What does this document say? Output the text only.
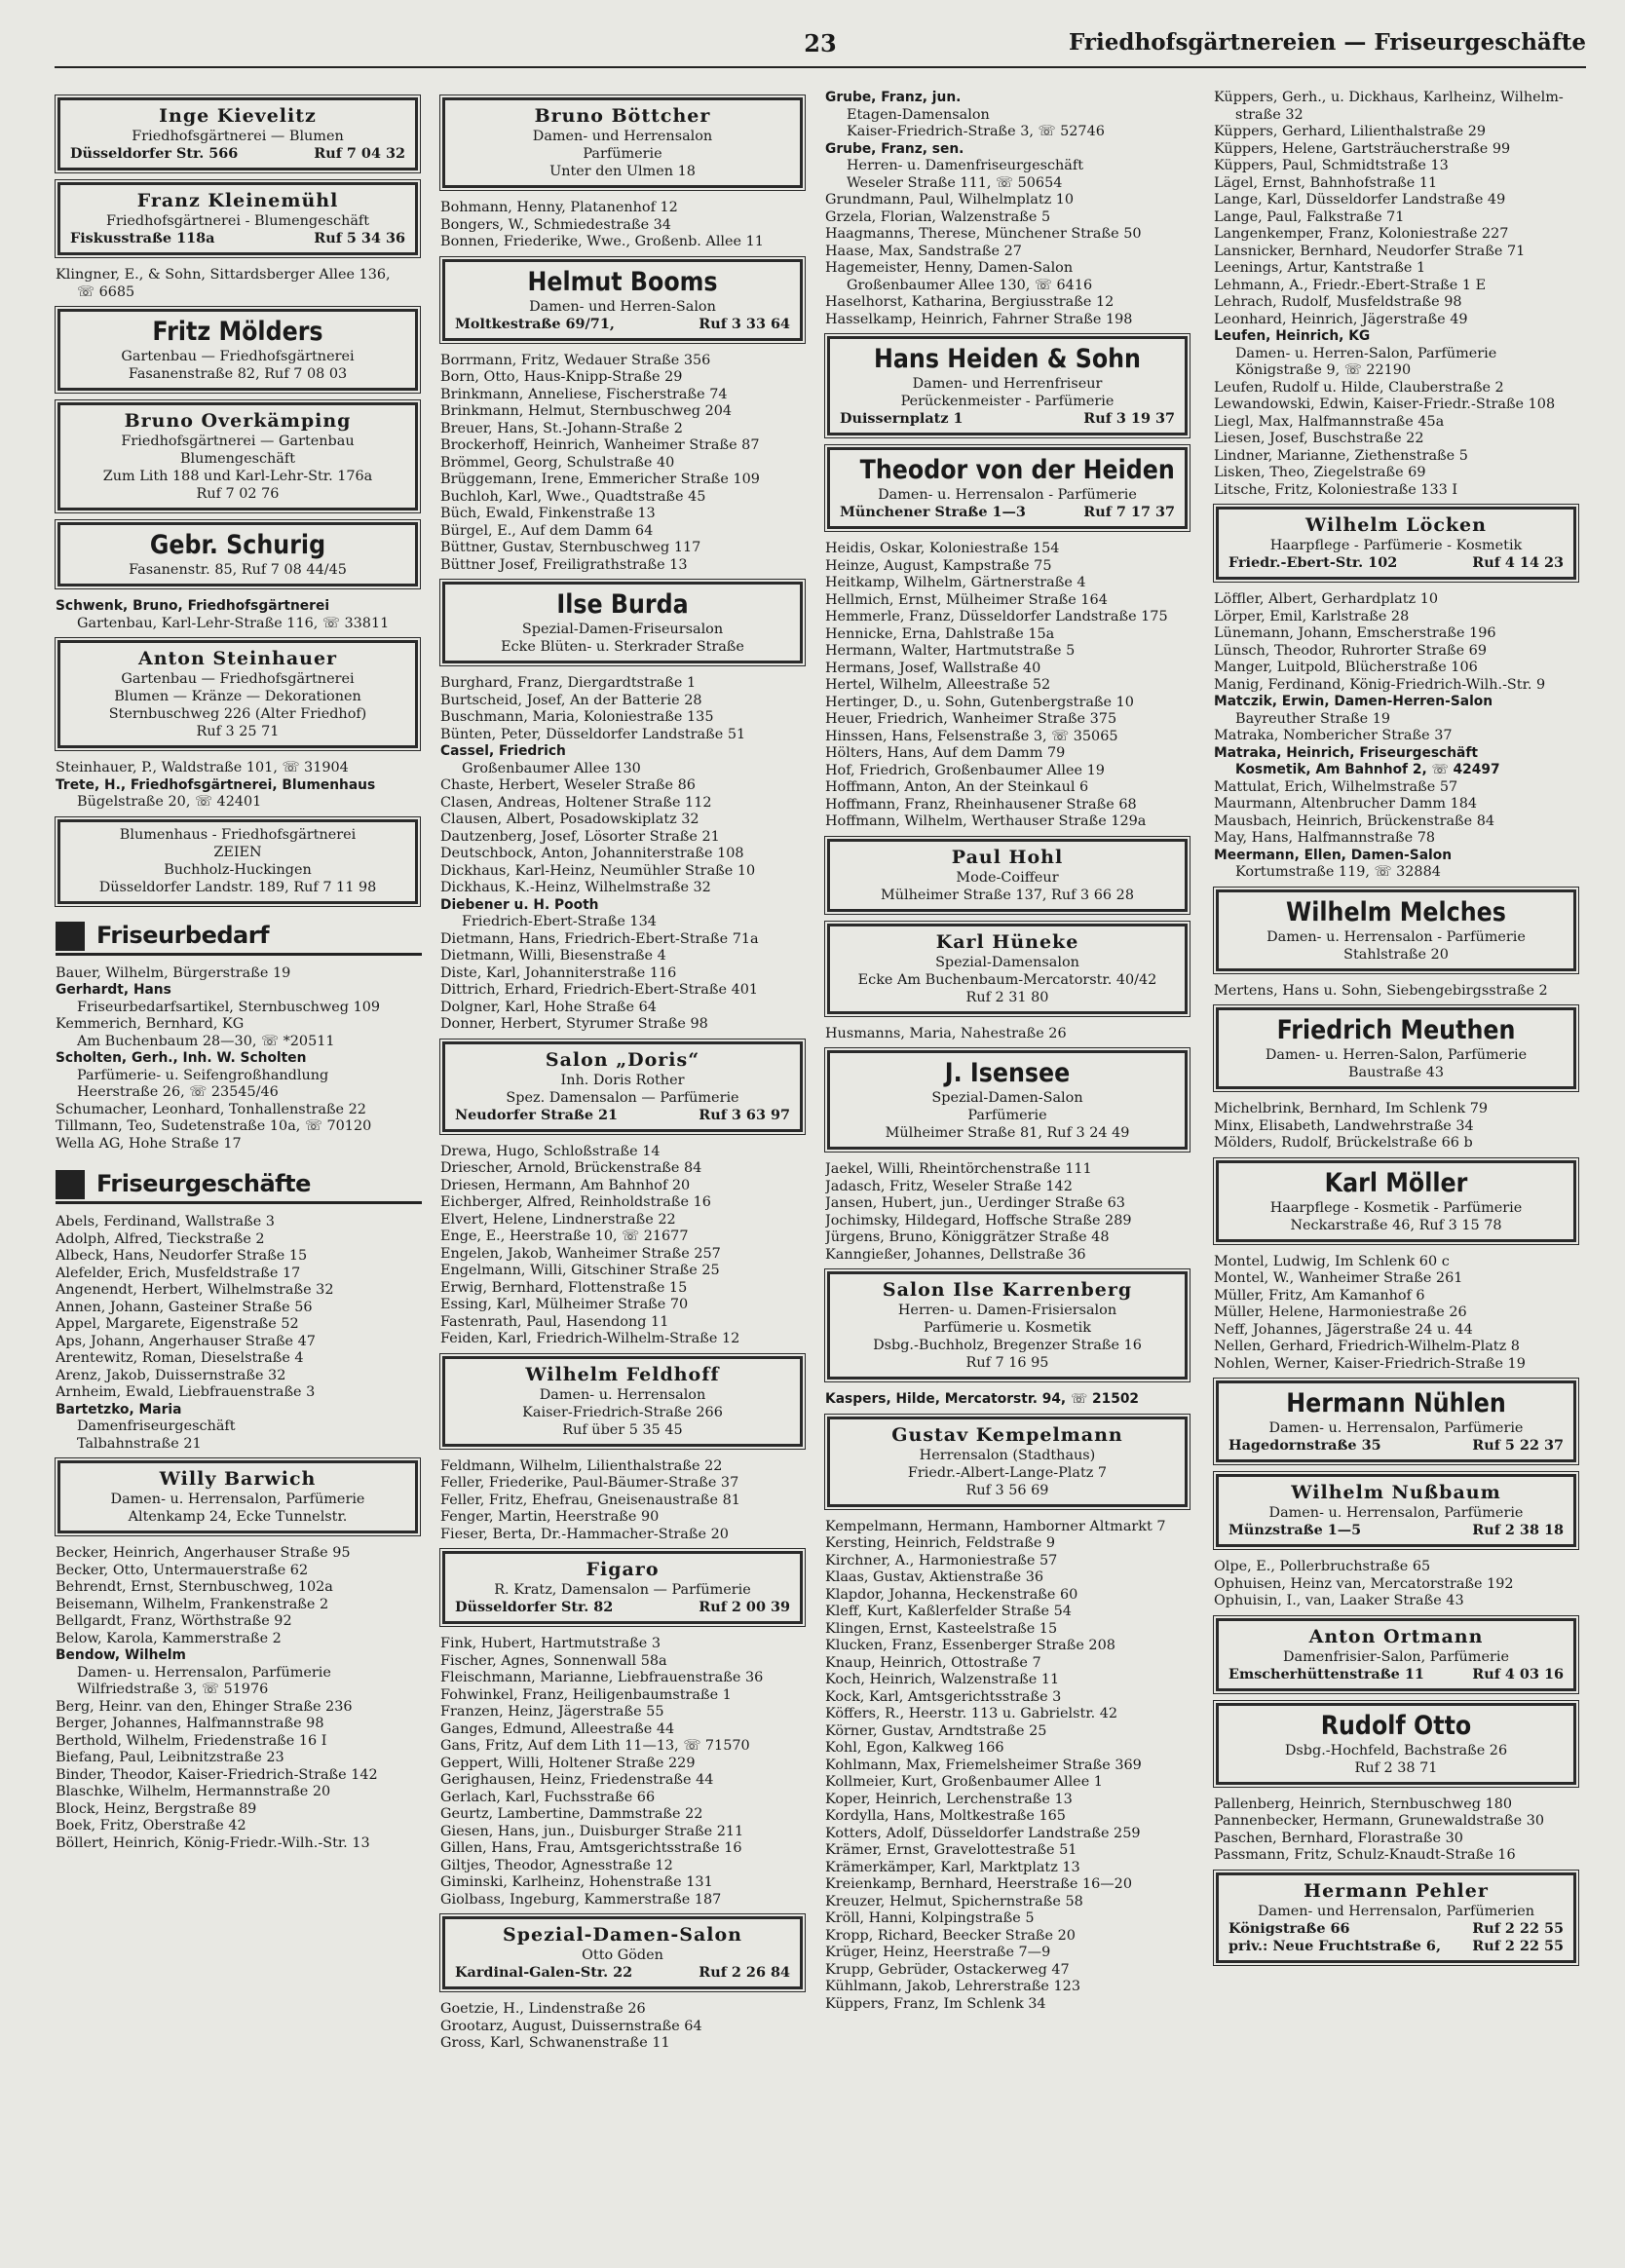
23	Friedhofsgärtnereien — Friseurgeschäfte
Inge Kievelitz
Friedhofsgärtnerei — Blumen
Düsseldorfer Str. 566	Ruf 7 04 32
Franz Kleinemühl
Friedhofsgärtnerei - Blumengeschäft
Fiskusstraße 118a	Ruf 5 34 36
Klingner, E., & Sohn, Sittardsberger Allee 136,
☏ 6685
Fritz Mölders
Gartenbau — Friedhofsgärtnerei
Fasanenstraße 82, Ruf 7 08 03
Bruno Overkämping
Friedhofsgärtnerei — Gartenbau
Blumengeschäft
Zum Lith 188 und Karl-Lehr-Str. 176a
Ruf 7 02 76
Gebr. Schurig
Fasanenstr. 85, Ruf 7 08 44/45
Schwenk, Bruno, Friedhofsgärtnerei
Gartenbau, Karl-Lehr-Straße 116, ☏ 33811
Anton Steinhauer
Gartenbau — Friedhofsgärtnerei
Blumen — Kränze — Dekorationen
Sternbuschweg 226 (Alter Friedhof)
Ruf 3 25 71
Steinhauer, P., Waldstraße 101, ☏ 31904
Trete, H., Friedhofsgärtnerei, Blumenhaus
Bügelstraße 20, ☏ 42401
Blumenhaus - Friedhofsgärtnerei
ZEIEN
Buchholz-Huckingen
Düsseldorfer Landstr. 189, Ruf 7 11 98
Friseurbedarf
Bauer, Wilhelm, Bürgerstraße 19
Gerhardt, Hans
Friseurbedarfsartikel, Sternbuschweg 109
Kemmerich, Bernhard, KG
Am Buchenbaum 28—30, ☏ *20511
Scholten, Gerh., Inh. W. Scholten
Parfümerie- u. Seifengroßhandlung
Heerstraße 26, ☏ 23545/46
Schumacher, Leonhard, Tonhallenstraße 22
Tillmann, Teo, Sudetenstraße 10a, ☏ 70120
Wella AG, Hohe Straße 17
Friseurgeschäfte
Abels, Ferdinand, Wallstraße 3
Adolph, Alfred, Tieckstraße 2
Albeck, Hans, Neudorfer Straße 15
Alefelder, Erich, Musfeldstraße 17
Angenendt, Herbert, Wilhelmstraße 32
Annen, Johann, Gasteiner Straße 56
Appel, Margarete, Eigenstraße 52
Aps, Johann, Angerhauser Straße 47
Arentewitz, Roman, Dieselstraße 4
Arenz, Jakob, Duissernstraße 32
Arnheim, Ewald, Liebfrauenstraße 3
Bartetzko, Maria
Damenfriseurgeschäft
Talbahnstraße 21
Willy Barwich
Damen- u. Herrensalon, Parfümerie
Altenkamp 24, Ecke Tunnelstr.
Becker, Heinrich, Angerhauser Straße 95
Becker, Otto, Untermauerstraße 62
Behrendt, Ernst, Sternbuschweg, 102a
Beisemann, Wilhelm, Frankenstraße 2
Bellgardt, Franz, Wörthstraße 92
Below, Karola, Kammerstraße 2
Bendow, Wilhelm
Damen- u. Herrensalon, Parfümerie
Wilfriedstraße 3, ☏ 51976
Berg, Heinr. van den, Ehinger Straße 236
Berger, Johannes, Halfmannstraße 98
Berthold, Wilhelm, Friedenstraße 16 I
Biefang, Paul, Leibnitzstraße 23
Binder, Theodor, Kaiser-Friedrich-Straße 142
Blaschke, Wilhelm, Hermannstraße 20
Block, Heinz, Bergstraße 89
Boek, Fritz, Oberstraße 42
Böllert, Heinrich, König-Friedr.-Wilh.-Str. 13
Bruno Böttcher
Damen- und Herrensalon
Parfümerie
Unter den Ulmen 18
Bohmann, Henny, Platanenhof 12
Bongers, W., Schmiedestraße 34
Bonnen, Friederike, Wwe., Großenb. Allee 11
Helmut Booms
Damen- und Herren-Salon
Moltkestraße 69/71,	Ruf 3 33 64
Borrmann, Fritz, Wedauer Straße 356
Born, Otto, Haus-Knipp-Straße 29
Brinkmann, Anneliese, Fischerstraße 74
Brinkmann, Helmut, Sternbuschweg 204
Breuer, Hans, St.-Johann-Straße 2
Brockerhoff, Heinrich, Wanheimer Straße 87
Brömmel, Georg, Schulstraße 40
Brüggemann, Irene, Emmericher Straße 109
Buchloh, Karl, Wwe., Quadtstraße 45
Büch, Ewald, Finkenstraße 13
Bürgel, E., Auf dem Damm 64
Büttner, Gustav, Sternbuschweg 117
Büttner Josef, Freiligrathstraße 13
Ilse Burda
Spezial-Damen-Friseursalon
Ecke Blüten- u. Sterkrader Straße
Burghard, Franz, Diergardtstraße 1
Burtscheid, Josef, An der Batterie 28
Buschmann, Maria, Koloniestraße 135
Bünten, Peter, Düsseldorfer Landstraße 51
Cassel, Friedrich
Großenbaumer Allee 130
Chaste, Herbert, Weseler Straße 86
Clasen, Andreas, Holtener Straße 112
Clausen, Albert, Posadowskiplatz 32
Dautzenberg, Josef, Lösorter Straße 21
Deutschbock, Anton, Johanniterstraße 108
Dickhaus, Karl-Heinz, Neumühler Straße 10
Dickhaus, K.-Heinz, Wilhelmstraße 32
Diebener u. H. Pooth
Friedrich-Ebert-Straße 134
Dietmann, Hans, Friedrich-Ebert-Straße 71a
Dietmann, Willi, Biesenstraße 4
Diste, Karl, Johanniterstraße 116
Dittrich, Erhard, Friedrich-Ebert-Straße 401
Dolgner, Karl, Hohe Straße 64
Donner, Herbert, Styrumer Straße 98
Salon „Doris“
Inh. Doris Rother
Spez. Damensalon — Parfümerie
Neudorfer Straße 21	Ruf 3 63 97
Drewa, Hugo, Schloßstraße 14
Driescher, Arnold, Brückenstraße 84
Driesen, Hermann, Am Bahnhof 20
Eichberger, Alfred, Reinholdstraße 16
Elvert, Helene, Lindnerstraße 22
Enge, E., Heerstraße 10, ☏ 21677
Engelen, Jakob, Wanheimer Straße 257
Engelmann, Willi, Gitschiner Straße 25
Erwig, Bernhard, Flottenstraße 15
Essing, Karl, Mülheimer Straße 70
Fastenrath, Paul, Hasendong 11
Feiden, Karl, Friedrich-Wilhelm-Straße 12
Wilhelm Feldhoff
Damen- u. Herrensalon
Kaiser-Friedrich-Straße 266
Ruf über 5 35 45
Feldmann, Wilhelm, Lilienthalstraße 22
Feller, Friederike, Paul-Bäumer-Straße 37
Feller, Fritz, Ehefrau, Gneisenaustraße 81
Fenger, Martin, Heerstraße 90
Fieser, Berta, Dr.-Hammacher-Straße 20
Figaro
R. Kratz, Damensalon — Parfümerie
Düsseldorfer Str. 82	Ruf 2 00 39
Fink, Hubert, Hartmutstraße 3
Fischer, Agnes, Sonnenwall 58a
Fleischmann, Marianne, Liebfrauenstraße 36
Fohwinkel, Franz, Heiligenbaumstraße 1
Franzen, Heinz, Jägerstraße 55
Ganges, Edmund, Alleestraße 44
Gans, Fritz, Auf dem Lith 11—13, ☏ 71570
Geppert, Willi, Holtener Straße 229
Gerighausen, Heinz, Friedenstraße 44
Gerlach, Karl, Fuchsstraße 66
Geurtz, Lambertine, Dammstraße 22
Giesen, Hans, jun., Duisburger Straße 211
Gillen, Hans, Frau, Amtsgerichtsstraße 16
Giltjes, Theodor, Agnesstraße 12
Giminski, Karlheinz, Hohenstraße 131
Giolbass, Ingeburg, Kammerstraße 187
Spezial-Damen-Salon
Otto Göden
Kardinal-Galen-Str. 22	Ruf 2 26 84
Goetzie, H., Lindenstraße 26
Grootarz, August, Duissernstraße 64
Gross, Karl, Schwanenstraße 11
Grube, Franz, jun.
Etagen-Damensalon
Kaiser-Friedrich-Straße 3, ☏ 52746
Grube, Franz, sen.
Herren- u. Damenfriseurgeschäft
Weseler Straße 111, ☏ 50654
Grundmann, Paul, Wilhelmplatz 10
Grzela, Florian, Walzenstraße 5
Haagmanns, Therese, Münchener Straße 50
Haase, Max, Sandstraße 27
Hagemeister, Henny, Damen-Salon
Großenbaumer Allee 130, ☏ 6416
Haselhorst, Katharina, Bergiusstraße 12
Hasselkamp, Heinrich, Fahrner Straße 198
Hans Heiden & Sohn
Damen- und Herrenfriseur
Perückenmeister - Parfümerie
Duissernplatz 1	Ruf 3 19 37
Theodor von der Heiden
Damen- u. Herrensalon - Parfümerie
Münchener Straße 1—3	Ruf 7 17 37
Heidis, Oskar, Koloniestraße 154
Heinze, August, Kampstraße 75
Heitkamp, Wilhelm, Gärtnerstraße 4
Hellmich, Ernst, Mülheimer Straße 164
Hemmerle, Franz, Düsseldorfer Landstraße 175
Hennicke, Erna, Dahlstraße 15a
Hermann, Walter, Hartmutstraße 5
Hermans, Josef, Wallstraße 40
Hertel, Wilhelm, Alleestraße 52
Hertinger, D., u. Sohn, Gutenbergstraße 10
Heuer, Friedrich, Wanheimer Straße 375
Hinssen, Hans, Felsenstraße 3, ☏ 35065
Hölters, Hans, Auf dem Damm 79
Hof, Friedrich, Großenbaumer Allee 19
Hoffmann, Anton, An der Steinkaul 6
Hoffmann, Franz, Rheinhausener Straße 68
Hoffmann, Wilhelm, Werthauser Straße 129a
Paul Hohl
Mode-Coiffeur
Mülheimer Straße 137, Ruf 3 66 28
Karl Hüneke
Spezial-Damensalon
Ecke Am Buchenbaum-Mercatorstr. 40/42
Ruf 2 31 80
Husmanns, Maria, Nahestraße 26
J. Isensee
Spezial-Damen-Salon
Parfümerie
Mülheimer Straße 81, Ruf 3 24 49
Jaekel, Willi, Rheintörchenstraße 111
Jadasch, Fritz, Weseler Straße 142
Jansen, Hubert, jun., Uerdinger Straße 63
Jochimsky, Hildegard, Hoffsche Straße 289
Jürgens, Bruno, Königgrätzer Straße 48
Kanngießer, Johannes, Dellstraße 36
Salon Ilse Karrenberg
Herren- u. Damen-Frisiersalon
Parfümerie u. Kosmetik
Dsbg.-Buchholz, Bregenzer Straße 16
Ruf 7 16 95
Kaspers, Hilde, Mercatorstr. 94, ☏ 21502
Gustav Kempelmann
Herrensalon (Stadthaus)
Friedr.-Albert-Lange-Platz 7
Ruf 3 56 69
Kempelmann, Hermann, Hamborner Altmarkt 7
Kersting, Heinrich, Feldstraße 9
Kirchner, A., Harmoniestraße 57
Klaas, Gustav, Aktienstraße 36
Klapdor, Johanna, Heckenstraße 60
Kleff, Kurt, Kaßlerfelder Straße 54
Klingen, Ernst, Kasteelstraße 15
Klucken, Franz, Essenberger Straße 208
Knaup, Heinrich, Ottostraße 7
Koch, Heinrich, Walzenstraße 11
Kock, Karl, Amtsgerichtsstraße 3
Köffers, R., Heerstr. 113 u. Gabrielstr. 42
Körner, Gustav, Arndtstraße 25
Kohl, Egon, Kalkweg 166
Kohlmann, Max, Friemelsheimer Straße 369
Kollmeier, Kurt, Großenbaumer Allee 1
Koper, Heinrich, Lerchenstraße 13
Kordylla, Hans, Moltkestraße 165
Kotters, Adolf, Düsseldorfer Landstraße 259
Krämer, Ernst, Gravelottestraße 51
Krämerkämper, Karl, Marktplatz 13
Kreienkamp, Bernhard, Heerstraße 16—20
Kreuzer, Helmut, Spichernstraße 58
Kröll, Hanni, Kolpingstraße 5
Kropp, Richard, Beecker Straße 20
Krüger, Heinz, Heerstraße 7—9
Krupp, Gebrüder, Ostackerweg 47
Kühlmann, Jakob, Lehrerstraße 123
Küppers, Franz, Im Schlenk 34
Küppers, Gerh., u. Dickhaus, Karlheinz, Wilhelm-
straße 32
Küppers, Gerhard, Lilienthalstraße 29
Küppers, Helene, Gartsträucherstraße 99
Küppers, Paul, Schmidtstraße 13
Lägel, Ernst, Bahnhofstraße 11
Lange, Karl, Düsseldorfer Landstraße 49
Lange, Paul, Falkstraße 71
Langenkemper, Franz, Koloniestraße 227
Lansnicker, Bernhard, Neudorfer Straße 71
Leenings, Artur, Kantstraße 1
Lehmann, A., Friedr.-Ebert-Straße 1 E
Lehrach, Rudolf, Musfeldstraße 98
Leonhard, Heinrich, Jägerstraße 49
Leufen, Heinrich, KG
Damen- u. Herren-Salon, Parfümerie
Königstraße 9, ☏ 22190
Leufen, Rudolf u. Hilde, Clauberstraße 2
Lewandowski, Edwin, Kaiser-Friedr.-Straße 108
Liegl, Max, Halfmannstraße 45a
Liesen, Josef, Buschstraße 22
Lindner, Marianne, Ziethenstraße 5
Lisken, Theo, Ziegelstraße 69
Litsche, Fritz, Koloniestraße 133 I
Wilhelm Löcken
Haarpflege - Parfümerie - Kosmetik
Friedr.-Ebert-Str. 102	Ruf 4 14 23
Löffler, Albert, Gerhardplatz 10
Lörper, Emil, Karlstraße 28
Lünemann, Johann, Emscherstraße 196
Lünsch, Theodor, Ruhrorter Straße 69
Manger, Luitpold, Blücherstraße 106
Manig, Ferdinand, König-Friedrich-Wilh.-Str. 9
Matczik, Erwin, Damen-Herren-Salon
Bayreuther Straße 19
Matraka, Nombericher Straße 37
Matraka, Heinrich, Friseurgeschäft
Kosmetik, Am Bahnhof 2, ☏ 42497
Mattulat, Erich, Wilhelmstraße 57
Maurmann, Altenbrucher Damm 184
Mausbach, Heinrich, Brückenstraße 84
May, Hans, Halfmannstraße 78
Meermann, Ellen, Damen-Salon
Kortumstraße 119, ☏ 32884
Wilhelm Melches
Damen- u. Herrensalon - Parfümerie
Stahlstraße 20
Mertens, Hans u. Sohn, Siebengebirgsstraße 2
Friedrich Meuthen
Damen- u. Herren-Salon, Parfümerie
Baustraße 43
Michelbrink, Bernhard, Im Schlenk 79
Minx, Elisabeth, Landwehrstraße 34
Mölders, Rudolf, Brückelstraße 66 b
Karl Möller
Haarpflege - Kosmetik - Parfümerie
Neckarstraße 46, Ruf 3 15 78
Montel, Ludwig, Im Schlenk 60 c
Montel, W., Wanheimer Straße 261
Müller, Fritz, Am Kamanhof 6
Müller, Helene, Harmoniestraße 26
Neff, Johannes, Jägerstraße 24 u. 44
Nellen, Gerhard, Friedrich-Wilhelm-Platz 8
Nohlen, Werner, Kaiser-Friedrich-Straße 19
Hermann Nühlen
Damen- u. Herrensalon, Parfümerie
Hagedornstraße 35	Ruf 5 22 37
Wilhelm Nußbaum
Damen- u. Herrensalon, Parfümerie
Münzstraße 1—5	Ruf 2 38 18
Olpe, E., Pollerbruchstraße 65
Ophuisen, Heinz van, Mercatorstraße 192
Ophuisin, I., van, Laaker Straße 43
Anton Ortmann
Damenfrisier-Salon, Parfümerie
Emscherhüttenstraße 11	Ruf 4 03 16
Rudolf Otto
Dsbg.-Hochfeld, Bachstraße 26
Ruf 2 38 71
Pallenberg, Heinrich, Sternbuschweg 180
Pannenbecker, Hermann, Grunewaldstraße 30
Paschen, Bernhard, Florastraße 30
Passmann, Fritz, Schulz-Knaudt-Straße 16
Hermann Pehler
Damen- und Herrensalon, Parfümerien
Königstraße 66	Ruf 2 22 55
priv.: Neue Fruchtstraße 6, Ruf 2 22 55
